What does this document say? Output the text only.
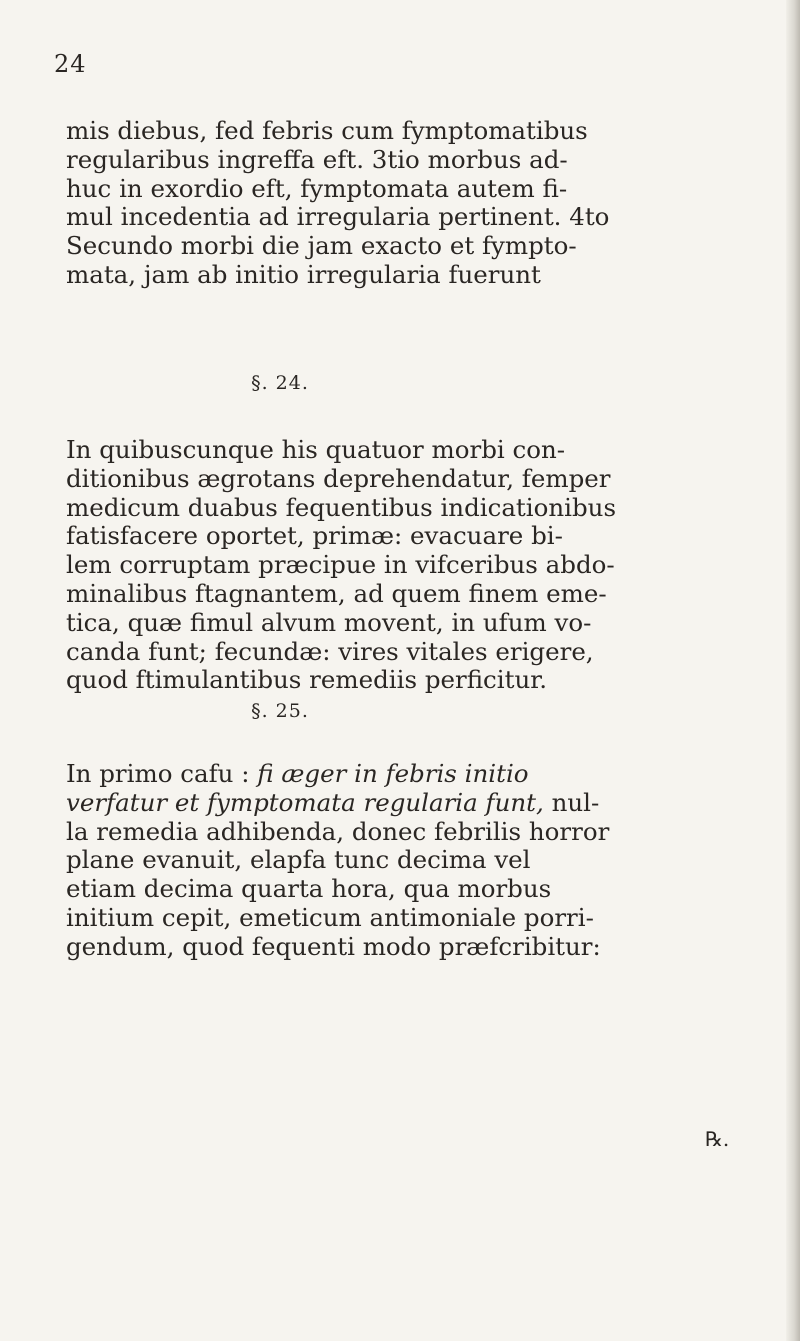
24

mis diebus, fed febris cum fymptomatibus
regularibus ingreffa eft. 3tio morbus ad-
huc in exordio eft, fymptomata autem fi-
mul incedentia ad irregularia pertinent. 4to
Secundo morbi die jam exacto et fympto-
mata, jam ab initio irregularia fuerunt

§. 24.

In quibuscunque his quatuor morbi con-
ditionibus ægrotans deprehendatur, femper
medicum duabus fequentibus indicationibus
fatisfacere oportet, primæ: evacuare bi-
lem corruptam præcipue in vifceribus abdo-
minalibus ftagnantem, ad quem finem eme-
tica, quæ fimul alvum movent, in ufum vo-
canda funt; fecundæ: vires vitales erigere,
quod ftimulantibus remediis perficitur.

§. 25.

In primo cafu : fi æger in febris initio
verfatur et fymptomata regularia funt, nul-
la remedia adhibenda, donec febrilis horror
plane evanuit, elapfa tunc decima vel
etiam decima quarta hora, qua morbus
initium cepit, emeticum antimoniale porri-
gendum, quod fequenti modo præfcribitur:

℞.
